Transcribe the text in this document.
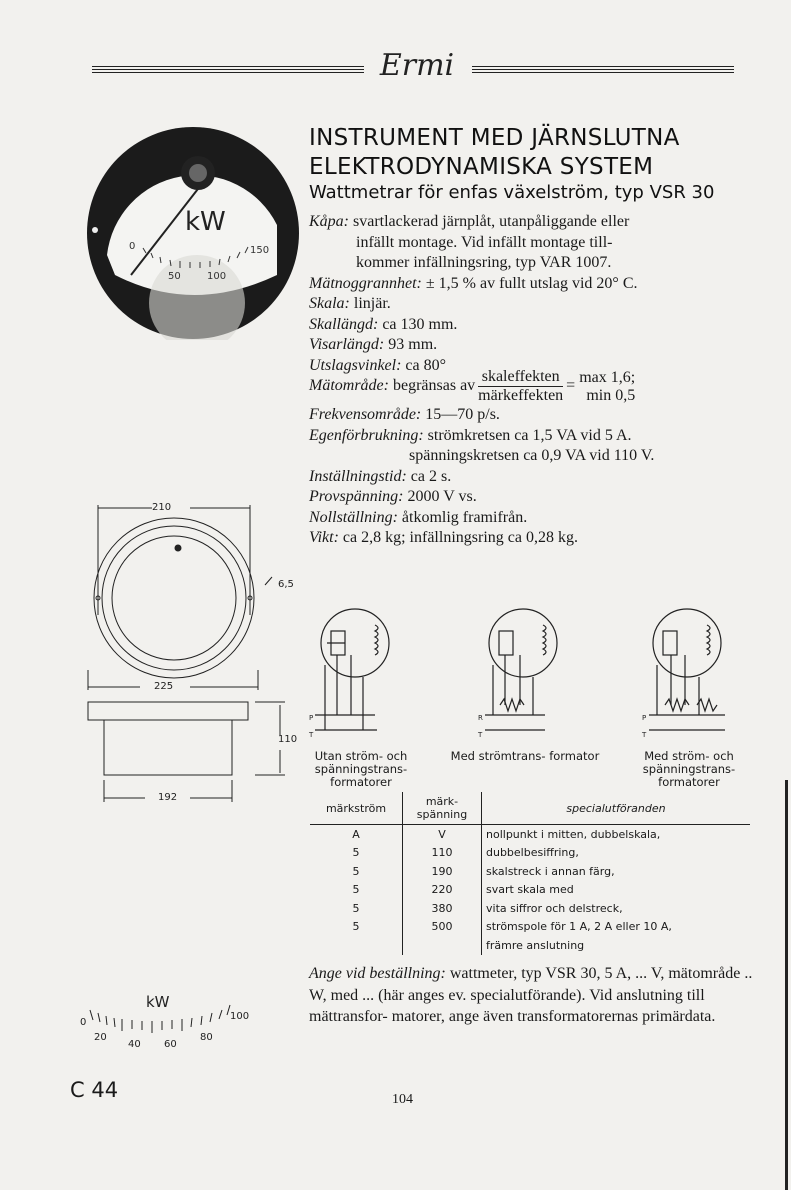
Ermi
kW
0
50	100
150
INSTRUMENT MED JÄRNSLUTNA
ELEKTRODYNAMISKA SYSTEM
Wattmetrar för enfas växelström, typ VSR 30
Kåpa: svartlackerad järnplåt, utanpåliggande eller
infällt montage. Vid infällt montage till-
kommer infällningsring, typ VAR 1007.
Mätnoggrannhet: ± 1,5 % av fullt utslag vid 20° C.
Skala: linjär.
Skallängd: ca 130 mm.
Visarlängd: 93 mm.
Utslagsvinkel: ca 80°
Mätområde: begränsas av $\frac{\text{skaleffekten}}{\text{märkeffekten}}$ =
max 1,6;
min 0,5
Frekvensområde: 15—70 p/s.
Egenförbrukning: strömkretsen ca 1,5 VA vid 5 A.
spänningskretsen ca 0,9 VA vid 110 V.
Inställningstid: ca 2 s.
Provspänning: 2000 V vs.
Nollställning: åtkomlig framifrån.
Vikt: ca 2,8 kg; infällningsring ca 0,28 kg.
210
6,5
225
110
192
P
T
R
T
P
T
Utan ström- och spänningstrans- formatorer
Med strömtrans- formator	Med ström- och spänningstrans- formatorer
märkström	märk- spänning	specialutföranden
A	V	nollpunkt i mitten, dubbelskala,
5	110	dubbelbesiffring,
5	190	skalstreck i annan färg,
5	220	svart skala med
5	380	vita siffror och delstreck,
5	500	strömspole för 1 A, 2 A eller 10 A,
		främre anslutning
Ange vid beställning: wattmeter, typ VSR 30, 5 A, ... V, mätområde .. W, med ... (här anges ev. specialutförande). Vid anslutning till mättransfor- matorer, ange även transformatorernas primärdata.
kW
0
20
40 60
80
100
C 44	104
